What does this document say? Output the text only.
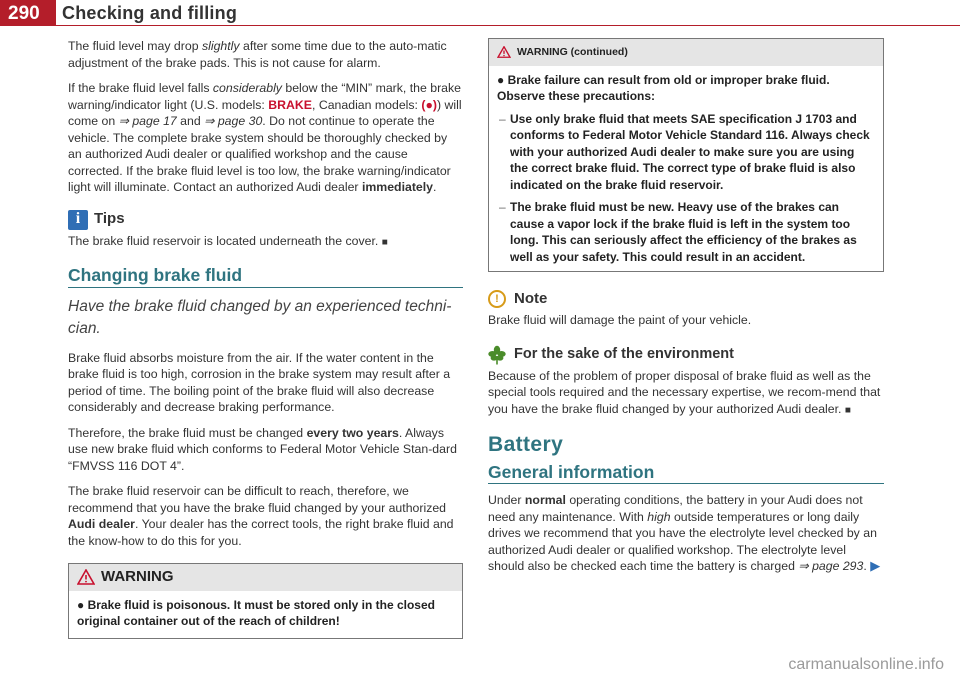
290 Checking and filling

The fluid level may drop slightly after some time due to the auto-matic adjustment of the brake pads. This is not cause for alarm.

If the brake fluid level falls considerably below the “MIN” mark, the brake warning/indicator light (U.S. models: BRAKE, Canadian models: (●)) will come on ⇒ page 17 and ⇒ page 30. Do not continue to operate the vehicle. The complete brake system should be thoroughly checked by an authorized Audi dealer or qualified workshop and the cause corrected. If the brake fluid level is too low, the brake warning/indicator light will illuminate. Contact an authorized Audi dealer immediately.

i Tips

The brake fluid reservoir is located underneath the cover. ■

Changing brake fluid
Have the brake fluid changed by an experienced techni-cian.

Brake fluid absorbs moisture from the air. If the water content in the brake fluid is too high, corrosion in the brake system may result after a period of time. The boiling point of the brake fluid will also decrease considerably and decrease braking performance.

Therefore, the brake fluid must be changed every two years. Always use new brake fluid which conforms to Federal Motor Vehicle Stan-dard “FMVSS 116 DOT 4”.

The brake fluid reservoir can be difficult to reach, therefore, we recommend that you have the brake fluid changed by your authorized Audi dealer. Your dealer has the correct tools, the right brake fluid and the know-how to do this for you.

WARNING
● Brake fluid is poisonous. It must be stored only in the closed original container out of the reach of children!
WARNING (continued)
● Brake failure can result from old or improper brake fluid. Observe these precautions:
– Use only brake fluid that meets SAE specification J 1703 and conforms to Federal Motor Vehicle Standard 116. Always check with your authorized Audi dealer to make sure you are using the correct brake fluid. The correct type of brake fluid is also indicated on the brake fluid reservoir.
– The brake fluid must be new. Heavy use of the brakes can cause a vapor lock if the brake fluid is left in the system too long. This can seriously affect the efficiency of the brakes as well as your safety. This could result in an accident.
!	Note

Brake fluid will damage the paint of your vehicle.

For the sake of the environment

Because of the problem of proper disposal of brake fluid as well as the special tools required and the necessary expertise, we recom-mend that you have the brake fluid changed by your authorized Audi dealer. ■

Battery
General information

Under normal operating conditions, the battery in your Audi does not need any maintenance. With high outside temperatures or long daily drives we recommend that you have the electrolyte level checked by an authorized Audi dealer or qualified workshop. The electrolyte level should also be checked each time the battery is charged ⇒ page 293. ▶

carmanualsonline.info
